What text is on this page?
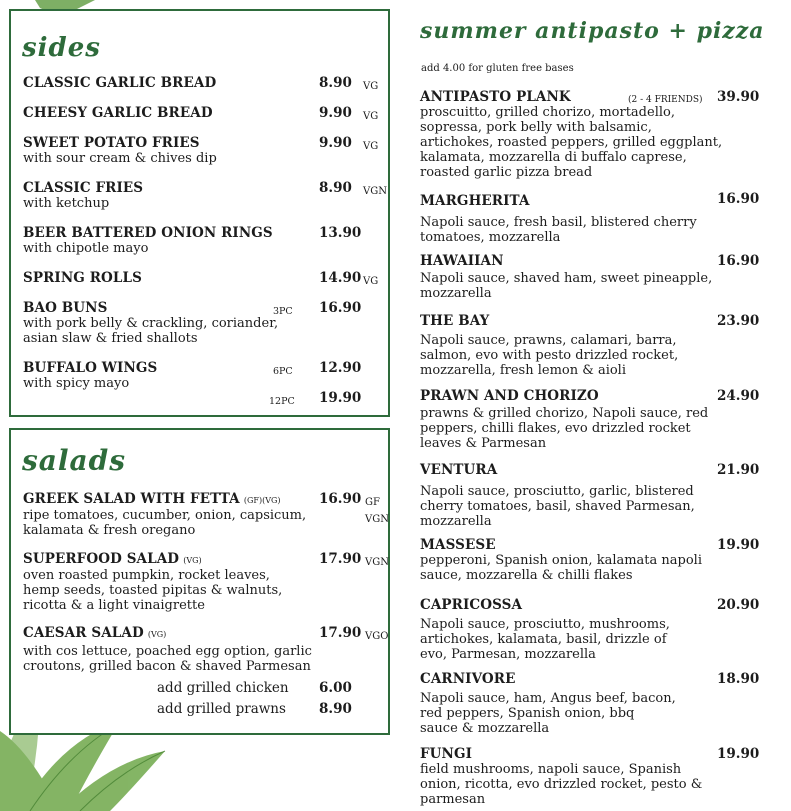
sides
CLASSIC GARLIC BREAD	8.90 VG
CHEESY GARLIC BREAD	9.90 VG
SWEET POTATO FRIES
with sour cream & chives dip
9.90 VG
CLASSIC FRIES
with ketchup
8.90 VGN
BEER BATTERED ONION RINGS
with chipotle mayo
13.90
SPRING ROLLS	14.90 VG
BAO BUNS
with pork belly & crackling, coriander,
asian slaw & fried shallots
3PC 16.90
BUFFALO WINGS
with spicy mayo
6PC 12.90
12PC 19.90
salads
GREEK SALAD WITH FETTA (GF)(VG)
ripe tomatoes, cucumber, onion, capsicum,
kalamata & fresh oregano
16.90 GF
VGN
SUPERFOOD SALAD (VG)
oven roasted pumpkin, rocket leaves,
hemp seeds, toasted pipitas & walnuts,
ricotta & a light vinaigrette
17.90 VGN
CAESAR SALAD (VG)
with cos lettuce, poached egg option, garlic
croutons, grilled bacon & shaved Parmesan
17.90 VGO
add grilled chicken 6.00
add grilled prawns 8.90
summer antipasto + pizza
add 4.00 for gluten free bases
ANTIPASTO PLANK	(2 - 4 FRIENDS)
proscuitto, grilled chorizo, mortadello,
sopressa, pork belly with balsamic,
artichokes, roasted peppers, grilled eggplant,
kalamata, mozzarella di buffalo caprese,
roasted garlic pizza bread
39.90
MARGHERITA
Napoli sauce, fresh basil, blistered cherry
tomatoes, mozzarella
16.90
HAWAIIAN
Napoli sauce, shaved ham, sweet pineapple,
mozzarella
16.90
THE BAY
Napoli sauce, prawns, calamari, barra,
salmon, evo with pesto drizzled rocket,
mozzarella, fresh lemon & aioli
23.90
PRAWN AND CHORIZO
prawns & grilled chorizo, Napoli sauce, red
peppers, chilli flakes, evo drizzled rocket
leaves & Parmesan
24.90
VENTURA
Napoli sauce, prosciutto, garlic, blistered
cherry tomatoes, basil, shaved Parmesan,
mozzarella
21.90
MASSESE
pepperoni, Spanish onion, kalamata napoli
sauce, mozzarella & chilli flakes
19.90
CAPRICOSSA
Napoli sauce, prosciutto, mushrooms,
artichokes, kalamata, basil, drizzle of
evo, Parmesan, mozzarella
20.90
CARNIVORE
Napoli sauce, ham, Angus beef, bacon,
red peppers, Spanish onion, bbq
sauce & mozzarella
18.90
FUNGI
field mushrooms, napoli sauce, Spanish
onion, ricotta, evo drizzled rocket, pesto &
parmesan
19.90
